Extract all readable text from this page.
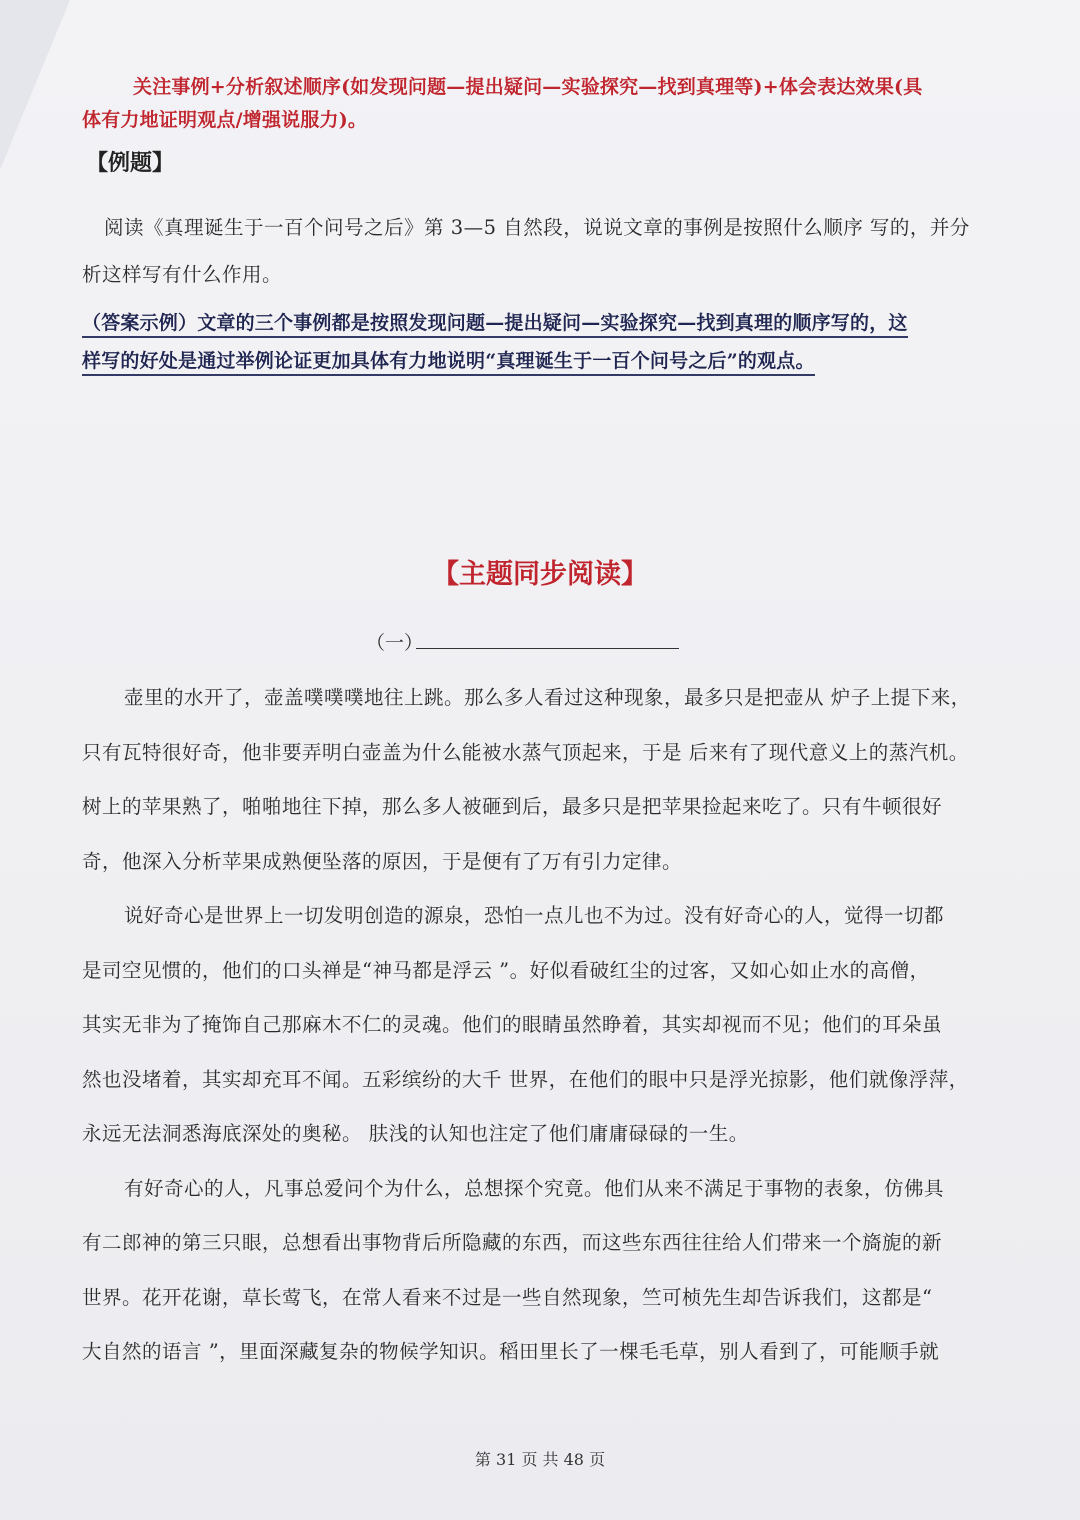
关注事例+分析叙述顺序(如发现问题—提出疑问—实验探究—找到真理等)+体会表达效果(具
体有力地证明观点/增强说服力)。
【例题】
阅读《真理诞生于一百个问号之后》第 3—5 自然段，说说文章的事例是按照什么顺序 写的，并分
析这样写有什么作用。
（答案示例）文章的三个事例都是按照发现问题—提出疑问—实验探究—找到真理的顺序写的，这
样写的好处是通过举例论证更加具体有力地说明“真理诞生于一百个问号之后”的观点。
【主题同步阅读】
（一）
壶里的水开了，壶盖噗噗噗地往上跳。那么多人看过这种现象，最多只是把壶从 炉子上提下来，
只有瓦特很好奇，他非要弄明白壶盖为什么能被水蒸气顶起来，于是 后来有了现代意义上的蒸汽机。
树上的苹果熟了，啪啪地往下掉，那么多人被砸到后，最多只是把苹果捡起来吃了。只有牛顿很好
奇，他深入分析苹果成熟便坠落的原因，于是便有了万有引力定律。
说好奇心是世界上一切发明创造的源泉，恐怕一点儿也不为过。没有好奇心的人，觉得一切都
是司空见惯的，他们的口头禅是“神马都是浮云 ”。好似看破红尘的过客，又如心如止水的高僧，
其实无非为了掩饰自己那麻木不仁的灵魂。他们的眼睛虽然睁着，其实却视而不见；他们的耳朵虽
然也没堵着，其实却充耳不闻。五彩缤纷的大千 世界，在他们的眼中只是浮光掠影，他们就像浮萍，
永远无法洞悉海底深处的奥秘。 肤浅的认知也注定了他们庸庸碌碌的一生。
有好奇心的人，凡事总爱问个为什么，总想探个究竟。他们从来不满足于事物的表象，仿佛具
有二郎神的第三只眼，总想看出事物背后所隐藏的东西，而这些东西往往给人们带来一个旖旎的新
世界。花开花谢，草长莺飞，在常人看来不过是一些自然现象，竺可桢先生却告诉我们，这都是“
大自然的语言 ”，里面深藏复杂的物候学知识。稻田里长了一棵毛毛草，别人看到了，可能顺手就
第 31 页 共 48 页
